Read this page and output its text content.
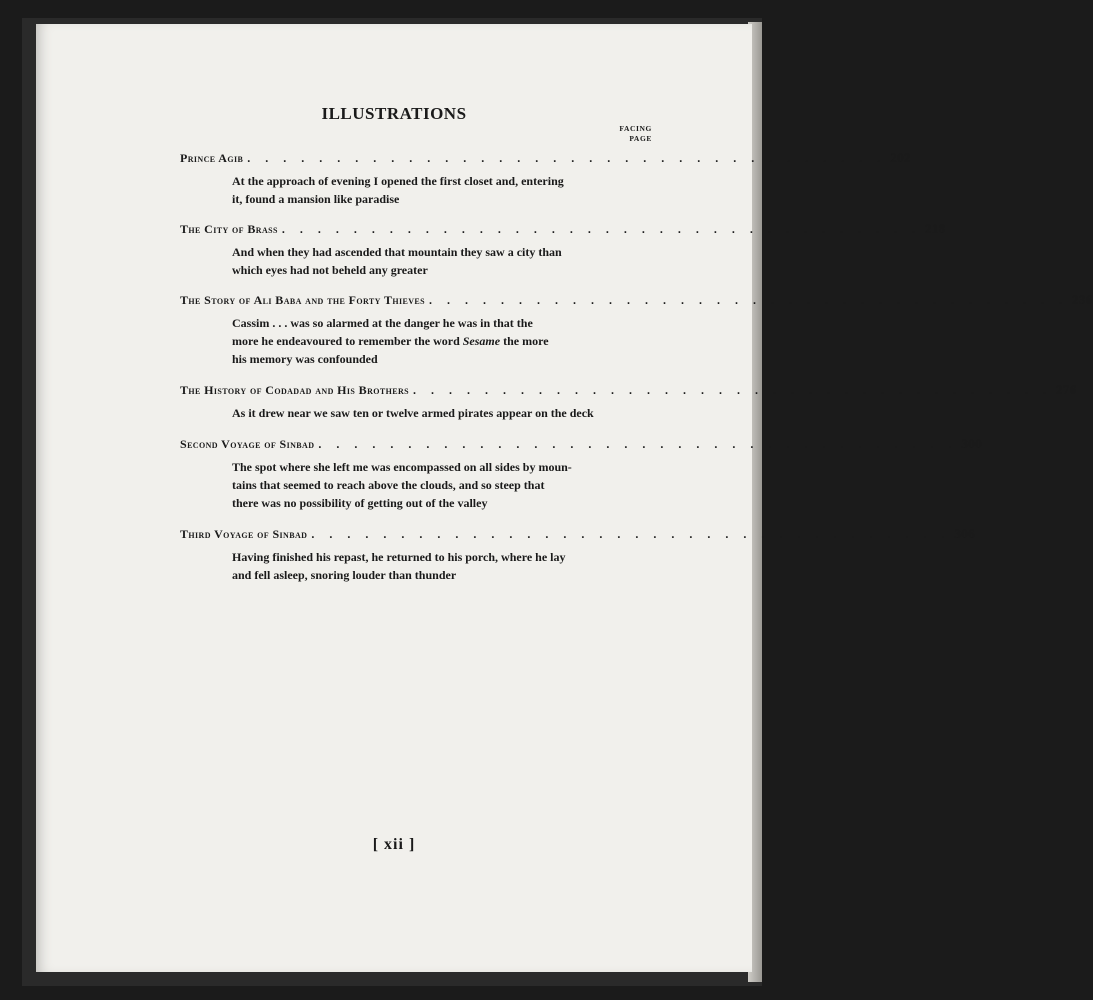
ILLUSTRATIONS
FACING
PAGE
Prince Agib . . . . . . . . . . . . . . . . . . . . . . . . . . . . . . . . . . . . 202
At the approach of evening I opened the first closet and, entering
it, found a mansion like paradise
The City of Brass . . . . . . . . . . . . . . . . . . . . . . . . . . . . . . . . . . . . 218
And when they had ascended that mountain they saw a city than
which eyes had not beheld any greater
The Story of Ali Baba and the Forty Thieves . . . . . . . . . . . . . . . . . . . . . . . . . . . . . . . . . . . . 236
Cassim . . . was so alarmed at the danger he was in that the
more he endeavoured to remember the word Sesame the more
his memory was confounded
The History of Codadad and His Brothers . . . . . . . . . . . . . . . . . . . . . . . . . . . . . . . . . . . . 276
As it drew near we saw ten or twelve armed pirates appear on the deck
Second Voyage of Sinbad . . . . . . . . . . . . . . . . . . . . . . . . . . . . . . . . . . . . 300
The spot where she left me was encompassed on all sides by moun-
tains that seemed to reach above the clouds, and so steep that
there was no possibility of getting out of the valley
Third Voyage of Sinbad . . . . . . . . . . . . . . . . . . . . . . . . . . . . . . . . . . . . 306
Having finished his repast, he returned to his porch, where he lay
and fell asleep, snoring louder than thunder
[ xii ]
